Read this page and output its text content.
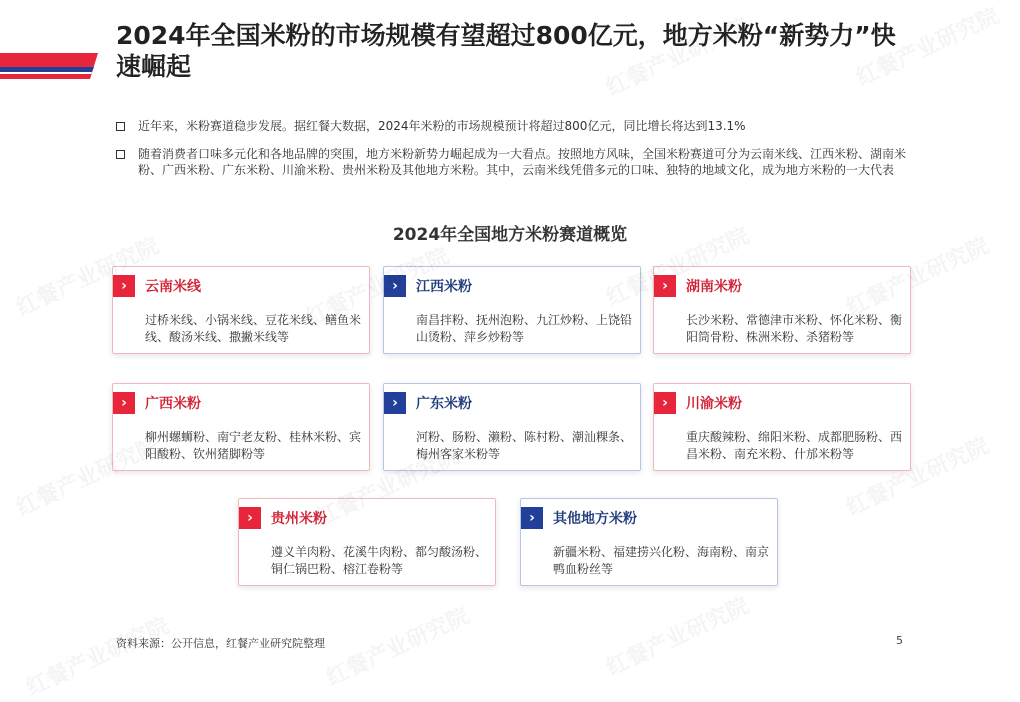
2024年全国米粉的市场规模有望超过800亿元，地方米粉“新势力”快速崛起
近年来，米粉赛道稳步发展。据红餐大数据，2024年米粉的市场规模预计将超过800亿元，同比增长将达到13.1%
随着消费者口味多元化和各地品牌的突围，地方米粉新势力崛起成为一大看点。按照地方风味，全国米粉赛道可分为云南米线、江西米粉、湖南米粉、广西米粉、广东米粉、川渝米粉、贵州米粉及其他地方米粉。其中，云南米线凭借多元的口味、独特的地域文化，成为地方米粉的一大代表
2024年全国地方米粉赛道概览
›	云南米线
过桥米线、小锅米线、豆花米线、鳝鱼米线、酸汤米线、撒撇米线等
›	江西米粉
南昌拌粉、抚州泡粉、九江炒粉、上饶铅山烫粉、萍乡炒粉等
›	湖南米粉
长沙米粉、常德津市米粉、怀化米粉、衡阳筒骨粉、株洲米粉、杀猪粉等
›	广西米粉
柳州螺蛳粉、南宁老友粉、桂林米粉、宾阳酸粉、钦州猪脚粉等
›	广东米粉
河粉、肠粉、濑粉、陈村粉、潮汕粿条、梅州客家米粉等
›	川渝米粉
重庆酸辣粉、绵阳米粉、成都肥肠粉、西昌米粉、南充米粉、什邡米粉等
›	贵州米粉
遵义羊肉粉、花溪牛肉粉、都匀酸汤粉、铜仁锅巴粉、榕江卷粉等
›	其他地方米粉
新疆米粉、福建捞兴化粉、海南粉、南京鸭血粉丝等
资料来源：公开信息，红餐产业研究院整理	5
